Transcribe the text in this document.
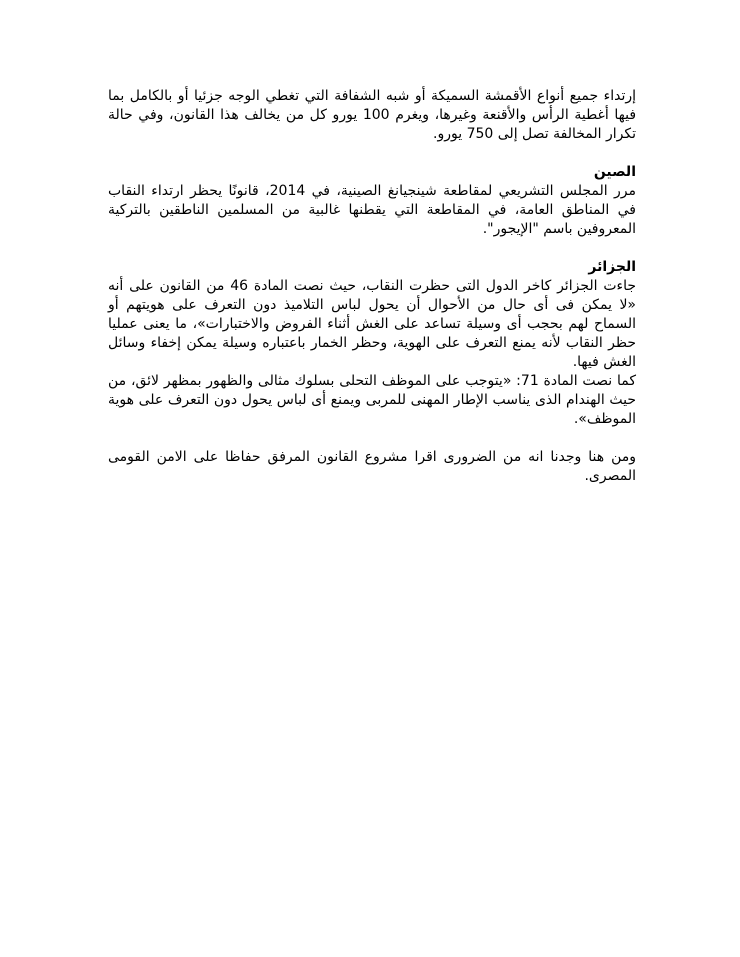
إرتداء جميع أنواع الأقمشة السميكة أو شبه الشفافة التي تغطي الوجه جزئيا أو بالكامل بما فيها أغطية الرأس والأقنعة وغيرها، ويغرم 100 يورو كل من يخالف هذا القانون، وفي حالة تكرار المخالفة تصل إلى 750 يورو.

الصين

مرر المجلس التشريعي لمقاطعة شينجيانغ الصينية، في 2014، قانونًا يحظر ارتداء النقاب في المناطق العامة، في المقاطعة التي يقطنها غالبية من المسلمين الناطقين بالتركية المعروفين باسم "الإيجور".

الجزائر

جاءت الجزائر كاخر الدول التى حظرت النقاب، حيث نصت المادة 46 من القانون على أنه «لا يمكن فى أى حال من الأحوال أن يحول لباس التلاميذ دون التعرف على هويتهم أو السماح لهم بحجب أى وسيلة تساعد على الغش أثناء الفروض والاختبارات»، ما يعنى عمليا حظر النقاب لأنه يمنع التعرف على الهوية، وحظر الخمار باعتباره وسيلة يمكن إخفاء وسائل الغش فيها.

كما نصت المادة 71: «يتوجب على الموظف التحلى بسلوك مثالى والظهور بمظهر لائق، من حيث الهندام الذى يناسب الإطار المهنى للمربى ويمنع أى لباس يحول دون التعرف على هوية الموظف».

ومن هنا وجدنا انه من الضرورى اقرا مشروع القانون المرفق حفاظا على الامن القومى المصرى.
